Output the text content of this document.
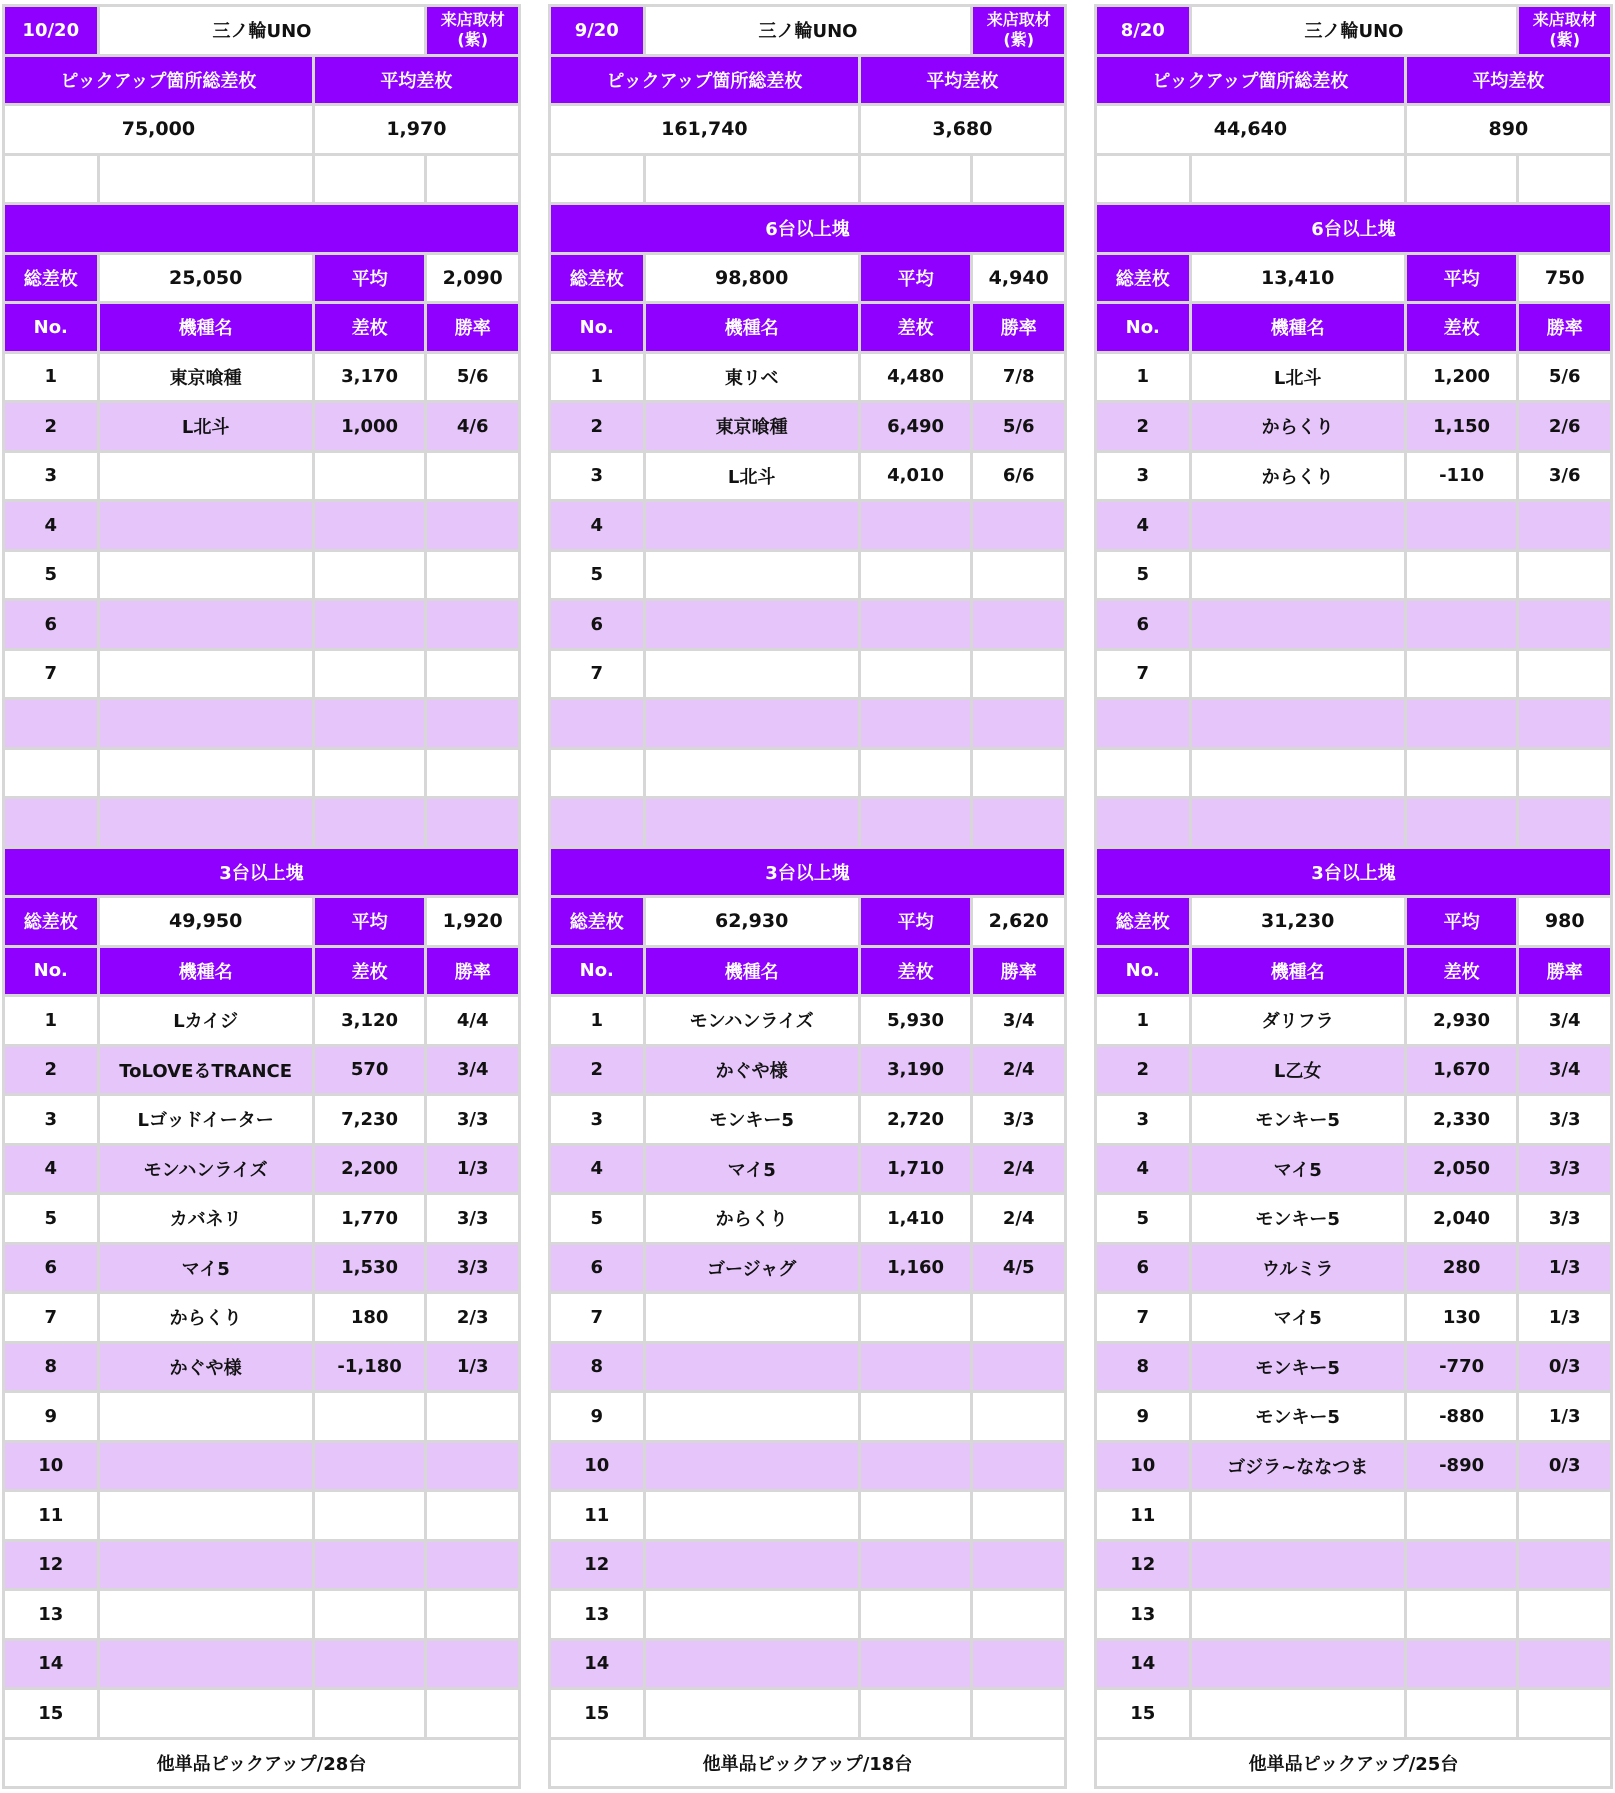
10/20	三ノ輪UNO		来店取材
(紫)
ピックアップ箇所総差枚		平均差枚	
75,000		1,970	

総差枚	25,050	平均	2,090
No.	機種名	差枚	勝率
1	東京喰種	3,170	5/6
2	L北斗	1,000	4/6
3			
4			
5			
6			
7			

3台以上塊			
総差枚	49,950	平均	1,920
No.	機種名	差枚	勝率
1	Lカイジ	3,120	4/4
2	ToLOVEるTRANCE	570	3/4
3	Lゴッドイーター	7,230	3/3
4	モンハンライズ	2,200	1/3
5	カバネリ	1,770	3/3
6	マイ5	1,530	3/3
7	からくり	180	2/3
8	かぐや様	-1,180	1/3
9			
10			
11			
12			
13			
14			
15			
他単品ピックアップ/28台			
9/20	三ノ輪UNO		来店取材
(紫)
ピックアップ箇所総差枚		平均差枚	
161,740		3,680	

6台以上塊			
総差枚	98,800	平均	4,940
No.	機種名	差枚	勝率
1	東リベ	4,480	7/8
2	東京喰種	6,490	5/6
3	L北斗	4,010	6/6
4			
5			
6			
7			

3台以上塊			
総差枚	62,930	平均	2,620
No.	機種名	差枚	勝率
1	モンハンライズ	5,930	3/4
2	かぐや様	3,190	2/4
3	モンキー5	2,720	3/3
4	マイ5	1,710	2/4
5	からくり	1,410	2/4
6	ゴージャグ	1,160	4/5
7			
8			
9			
10			
11			
12			
13			
14			
15			
他単品ピックアップ/18台			
8/20	三ノ輪UNO		来店取材
(紫)
ピックアップ箇所総差枚		平均差枚	
44,640		890	

6台以上塊			
総差枚	13,410	平均	750
No.	機種名	差枚	勝率
1	L北斗	1,200	5/6
2	からくり	1,150	2/6
3	からくり	-110	3/6
4			
5			
6			
7			

3台以上塊			
総差枚	31,230	平均	980
No.	機種名	差枚	勝率
1	ダリフラ	2,930	3/4
2	L乙女	1,670	3/4
3	モンキー5	2,330	3/3
4	マイ5	2,050	3/3
5	モンキー5	2,040	3/3
6	ウルミラ	280	1/3
7	マイ5	130	1/3
8	モンキー5	-770	0/3
9	モンキー5	-880	1/3
10	ゴジラ~ななつま	-890	0/3
11			
12			
13			
14			
15			
他単品ピックアップ/25台			
